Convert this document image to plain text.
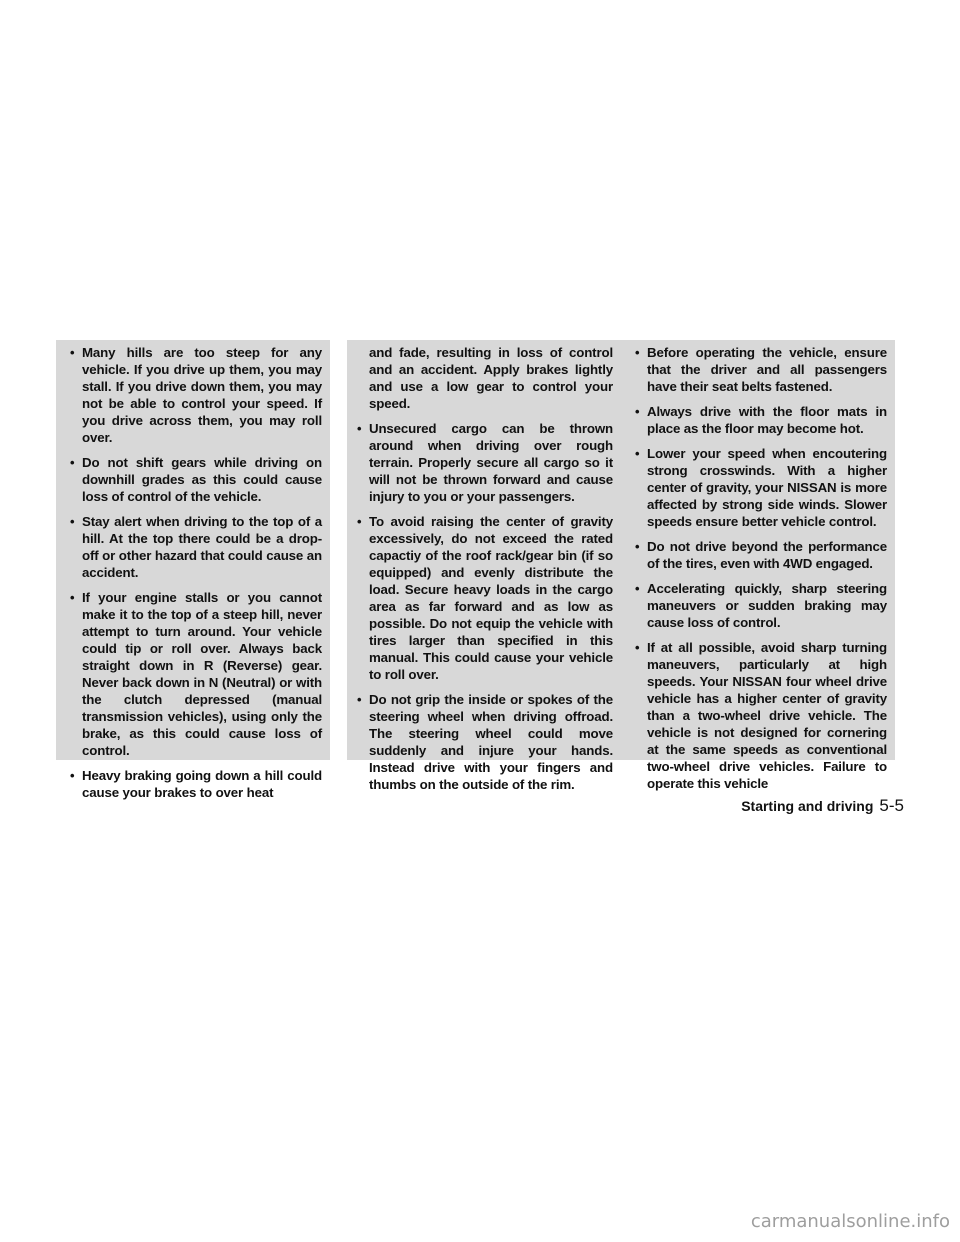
• Many hills are too steep for any vehicle. If you drive up them, you may stall. If you drive down them, you may not be able to control your speed. If you drive across them, you may roll over.
• Do not shift gears while driving on downhill grades as this could cause loss of control of the vehicle.
• Stay alert when driving to the top of a hill. At the top there could be a drop-off or other hazard that could cause an accident.
• If your engine stalls or you cannot make it to the top of a steep hill, never attempt to turn around. Your vehicle could tip or roll over. Always back straight down in R (Reverse) gear. Never back down in N (Neutral) or with the clutch depressed (manual transmission vehicles), using only the brake, as this could cause loss of control.
• Heavy braking going down a hill could cause your brakes to over heat
and fade, resulting in loss of control and an accident. Apply brakes lightly and use a low gear to control your speed.
• Unsecured cargo can be thrown around when driving over rough terrain. Properly secure all cargo so it will not be thrown forward and cause injury to you or your passengers.
• To avoid raising the center of gravity excessively, do not exceed the rated capactiy of the roof rack/gear bin (if so equipped) and evenly distribute the load. Secure heavy loads in the cargo area as far forward and as low as possible. Do not equip the vehicle with tires larger than specified in this manual. This could cause your vehicle to roll over.
• Do not grip the inside or spokes of the steering wheel when driving offroad. The steering wheel could move suddenly and injure your hands. Instead drive with your fingers and thumbs on the outside of the rim.
• Before operating the vehicle, ensure that the driver and all passengers have their seat belts fastened.
• Always drive with the floor mats in place as the floor may become hot.
• Lower your speed when encoutering strong crosswinds. With a higher center of gravity, your NISSAN is more affected by strong side winds. Slower speeds ensure better vehicle control.
• Do not drive beyond the performance of the tires, even with 4WD engaged.
• Accelerating quickly, sharp steering maneuvers or sudden braking may cause loss of control.
• If at all possible, avoid sharp turning maneuvers, particularly at high speeds. Your NISSAN four wheel drive vehicle has a higher center of gravity than a two-wheel drive vehicle. The vehicle is not designed for cornering at the same speeds as conventional two-wheel drive vehicles. Failure to operate this vehicle
Starting and driving 5-5
carmanualsonline.info
